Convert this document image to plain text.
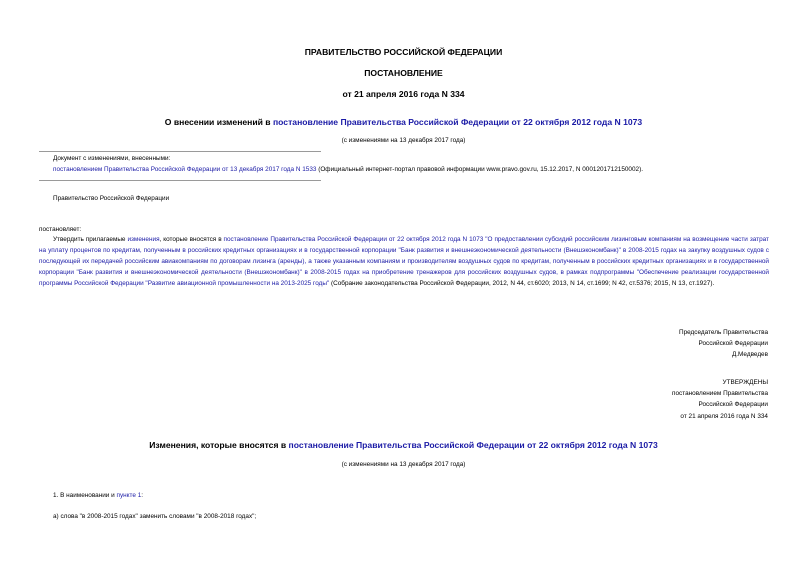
ПРАВИТЕЛЬСТВО РОССИЙСКОЙ ФЕДЕРАЦИИ
ПОСТАНОВЛЕНИЕ
от 21 апреля 2016 года N 334
О внесении изменений в постановление Правительства Российской Федерации от 22 октября 2012 года N 1073
(с изменениями на 13 декабря 2017 года)
Документ с изменениями, внесенными:
постановлением Правительства Российской Федерации от 13 декабря 2017 года N 1533 (Официальный интернет-портал правовой информации www.pravo.gov.ru, 15.12.2017, N 0001201712150002).
Правительство Российской Федерации
постановляет:
Утвердить прилагаемые изменения, которые вносятся в постановление Правительства Российской Федерации от 22 октября 2012 года N 1073 "О предоставлении субсидий российским лизинговым компаниям на возмещение части затрат на уплату процентов по кредитам, полученным в российских кредитных организациях и в государственной корпорации "Банк развития и внешнеэкономической деятельности (Внешэкономбанк)" в 2008-2015 годах на закупку воздушных судов с последующей их передачей российским авиакомпаниям по договорам лизинга (аренды), а также указанным компаниям и производителям воздушных судов по кредитам, полученным в российских кредитных организациях и в государственной корпорации "Банк развития и внешнеэкономической деятельности (Внешэкономбанк)" в 2008-2015 годах на приобретение тренажеров для российских воздушных судов, в рамках подпрограммы "Обеспечение реализации государственной программы Российской Федерации "Развитие авиационной промышленности на 2013-2025 годы" (Собрание законодательства Российской Федерации, 2012, N 44, ст.6020; 2013, N 14, ст.1699; N 42, ст.5376; 2015, N 13, ст.1927).
Председатель Правительства
Российской Федерации
Д.Медведев
УТВЕРЖДЕНЫ
постановлением Правительства
Российской Федерации
от 21 апреля 2016 года N 334
Изменения, которые вносятся в постановление Правительства Российской Федерации от 22 октября 2012 года N 1073
(с изменениями на 13 декабря 2017 года)
1. В наименовании и пункте 1:
а) слова "в 2008-2015 годах" заменить словами "в 2008-2018 годах";
